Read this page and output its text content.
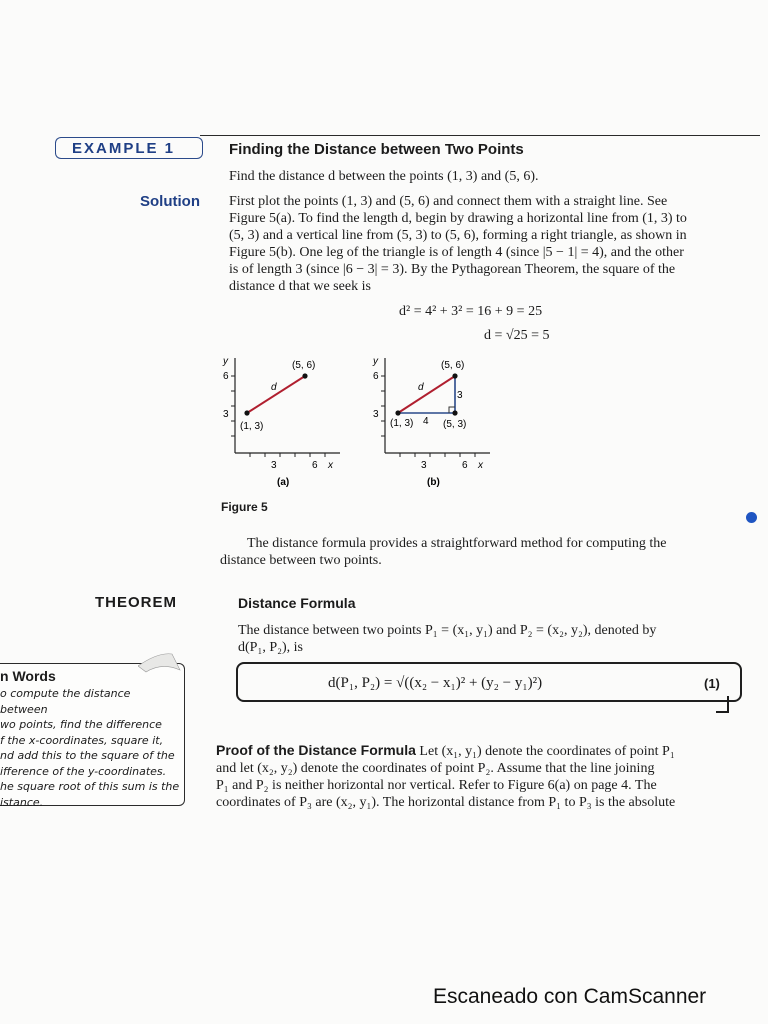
EXAMPLE 1	Finding the Distance between Two Points
Find the distance d between the points (1, 3) and (5, 6).
Solution First plot the points (1, 3) and (5, 6) and connect them with a straight line. See
Figure 5(a). To find the length d, begin by drawing a horizontal line from (1, 3) to
(5, 3) and a vertical line from (5, 3) to (5, 6), forming a right triangle, as shown in
Figure 5(b). One leg of the triangle is of length 4 (since |5 − 1| = 4), and the other
is of length 3 (since |6 − 3| = 3). By the Pythagorean Theorem, the square of the
distance d that we seek is
d² = 4² + 3² = 16 + 9 = 25
d = √25 = 5
y
6
3
(1, 3)
(5, 6)
d
3	6 x
(a)
y
6
3
(1, 3)
(5, 6)
(5, 3)
d
4
3
3	6 x
(b)
Figure 5
The distance formula provides a straightforward method for computing the
distance between two points.
THEOREM	Distance Formula
The distance between two points P₁ = (x₁, y₁) and P₂ = (x₂, y₂), denoted by
d(P₁, P₂), is
d(P₁, P₂) = √((x₂ − x₁)² + (y₂ − y₁)²)	(1)
n Words
o compute the distance between
wo points, find the difference
f the x-coordinates, square it,
nd add this to the square of the
ifference of the y-coordinates.
he square root of this sum is the
istance.
Proof of the Distance Formula Let (x₁, y₁) denote the coordinates of point P₁
and let (x₂, y₂) denote the coordinates of point P₂. Assume that the line joining
P₁ and P₂ is neither horizontal nor vertical. Refer to Figure 6(a) on page 4. The
coordinates of P₃ are (x₂, y₁). The horizontal distance from P₁ to P₃ is the absolute
Escaneado con CamScanner
